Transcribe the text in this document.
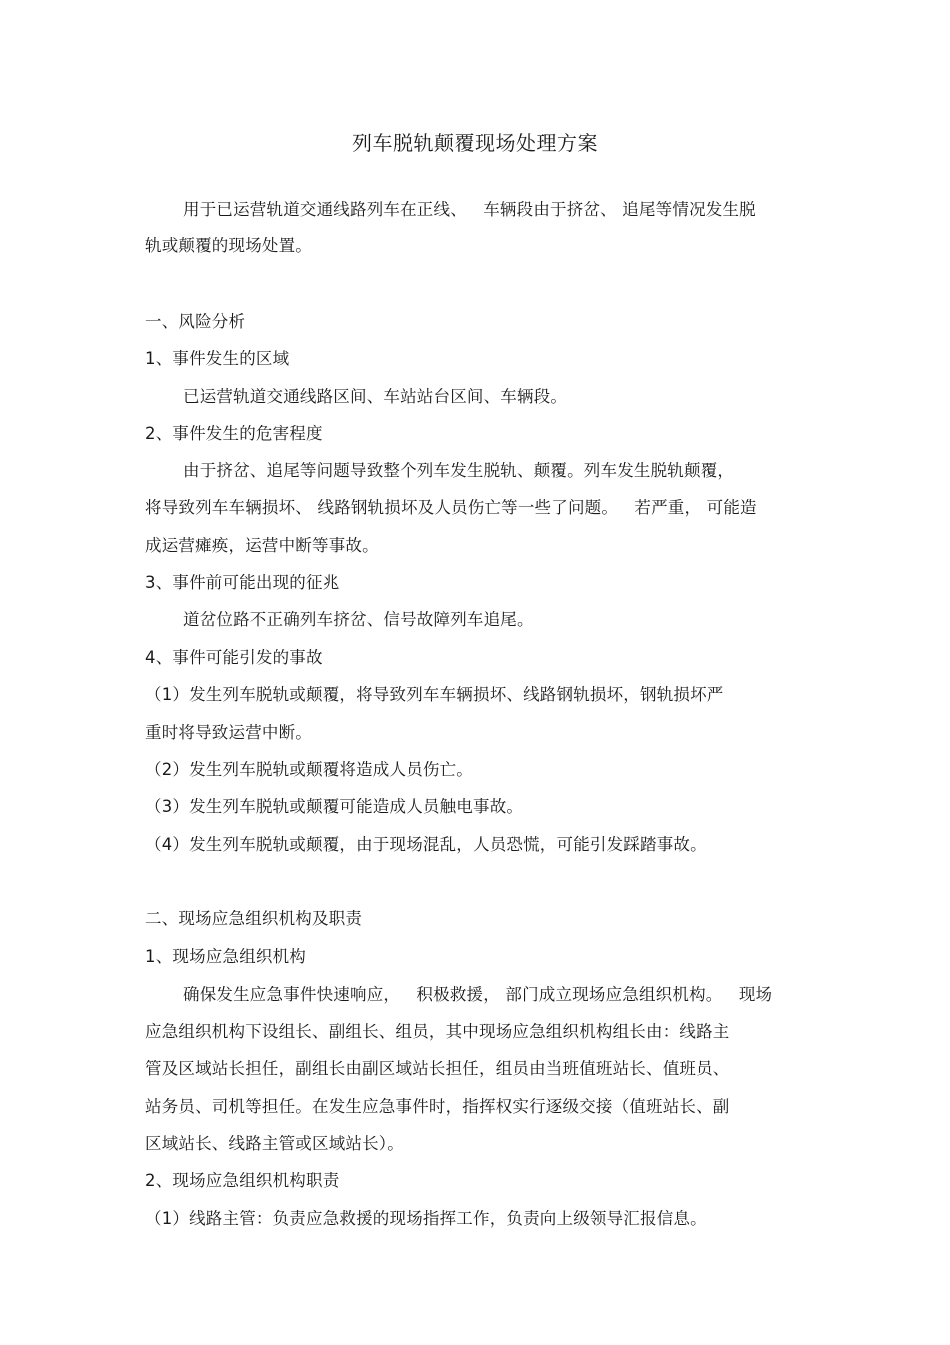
列车脱轨颠覆现场处理方案
用于已运营轨道交通线路列车在正线、   车辆段由于挤岔、 追尾等情况发生脱
轨或颠覆的现场处置。
一、风险分析
1、事件发生的区域
已运营轨道交通线路区间、车站站台区间、车辆段。
2、事件发生的危害程度
由于挤岔、追尾等问题导致整个列车发生脱轨、颠覆。列车发生脱轨颠覆，
将导致列车车辆损坏、 线路钢轨损坏及人员伤亡等一些了问题。   若严重， 可能造
成运营瘫痪，运营中断等事故。
3、事件前可能出现的征兆
道岔位路不正确列车挤岔、信号故障列车追尾。
4、事件可能引发的事故
（1）发生列车脱轨或颠覆，将导致列车车辆损坏、线路钢轨损坏，钢轨损坏严
重时将导致运营中断。
（2）发生列车脱轨或颠覆将造成人员伤亡。
（3）发生列车脱轨或颠覆可能造成人员触电事故。
（4）发生列车脱轨或颠覆，由于现场混乱，人员恐慌，可能引发踩踏事故。
二、现场应急组织机构及职责
1、现场应急组织机构
确保发生应急事件快速响应，   积极救援， 部门成立现场应急组织机构。   现场
应急组织机构下设组长、副组长、组员，其中现场应急组织机构组长由：线路主
管及区域站长担任，副组长由副区域站长担任，组员由当班值班站长、值班员、
站务员、司机等担任。在发生应急事件时，指挥权实行逐级交接（值班站长、副
区域站长、线路主管或区域站长）。
2、现场应急组织机构职责
（1）线路主管：负责应急救援的现场指挥工作，负责向上级领导汇报信息。
